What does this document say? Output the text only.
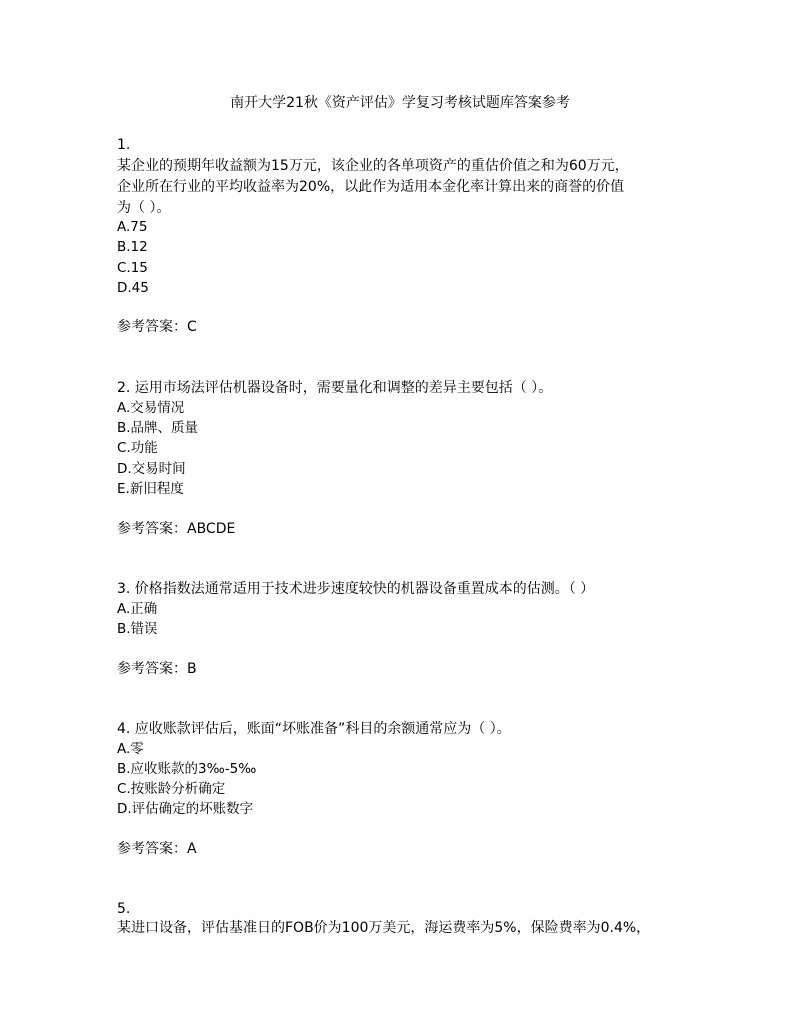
南开大学21秋《资产评估》学复习考核试题库答案参考
1.
某企业的预期年收益额为15万元，该企业的各单项资产的重估价值之和为60万元，
企业所在行业的平均收益率为20%，以此作为适用本金化率计算出来的商誉的价值
为（ ）。
A.75
B.12
C.15
D.45
参考答案：C
2. 运用市场法评估机器设备时，需要量化和调整的差异主要包括（ ）。
A.交易情况
B.品牌、质量
C.功能
D.交易时间
E.新旧程度
参考答案：ABCDE
3. 价格指数法通常适用于技术进步速度较快的机器设备重置成本的估测。（ ）
A.正确
B.错误
参考答案：B
4. 应收账款评估后，账面“坏账准备”科目的余额通常应为（ ）。
A.零
B.应收账款的3‰-5‰
C.按账龄分析确定
D.评估确定的坏账数字
参考答案：A
5.
某进口设备，评估基准日的FOB价为100万美元，海运费率为5%，保险费率为0.4%，
